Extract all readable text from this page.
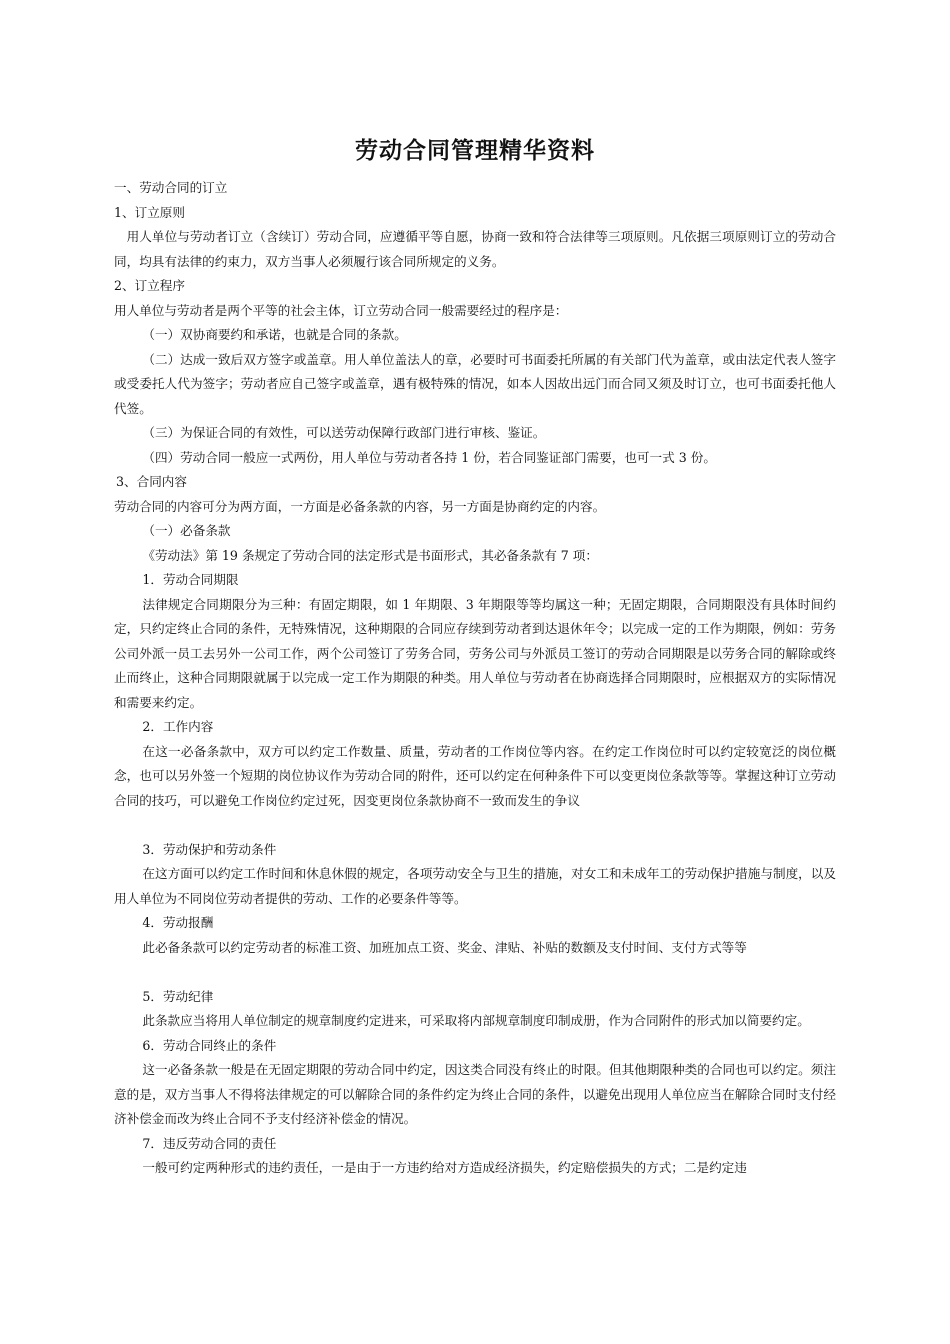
劳动合同管理精华资料

一、劳动合同的订立

1、订立原则

用人单位与劳动者订立（含续订）劳动合同，应遵循平等自愿，协商一致和符合法律等三项原则。凡依据三项原则订立的劳动合同，均具有法律的约束力，双方当事人必须履行该合同所规定的义务。

2、订立程序

用人单位与劳动者是两个平等的社会主体，订立劳动合同一般需要经过的程序是：

（一）双协商要约和承诺，也就是合同的条款。

（二）达成一致后双方签字或盖章。用人单位盖法人的章，必要时可书面委托所属的有关部门代为盖章，或由法定代表人签字或受委托人代为签字；劳动者应自己签字或盖章，遇有极特殊的情况，如本人因故出远门而合同又须及时订立，也可书面委托他人代签。

（三）为保证合同的有效性，可以送劳动保障行政部门进行审核、鉴证。

（四）劳动合同一般应一式两份，用人单位与劳动者各持 1 份，若合同鉴证部门需要，也可一式 3 份。

3、合同内容

劳动合同的内容可分为两方面，一方面是必备条款的内容，另一方面是协商约定的内容。

（一）必备条款

《劳动法》第 19 条规定了劳动合同的法定形式是书面形式，其必备条款有 7 项：

1．劳动合同期限

法律规定合同期限分为三种：有固定期限，如 1 年期限、3 年期限等等均属这一种；无固定期限，合同期限没有具体时间约定，只约定终止合同的条件，无特殊情况，这种期限的合同应存续到劳动者到达退休年令；以完成一定的工作为期限，例如：劳务公司外派一员工去另外一公司工作，两个公司签订了劳务合同，劳务公司与外派员工签订的劳动合同期限是以劳务合同的解除或终止而终止，这种合同期限就属于以完成一定工作为期限的种类。用人单位与劳动者在协商选择合同期限时，应根据双方的实际情况和需要来约定。

2．工作内容

在这一必备条款中，双方可以约定工作数量、质量，劳动者的工作岗位等内容。在约定工作岗位时可以约定较宽泛的岗位概念，也可以另外签一个短期的岗位协议作为劳动合同的附件，还可以约定在何种条件下可以变更岗位条款等等。掌握这种订立劳动合同的技巧，可以避免工作岗位约定过死，因变更岗位条款协商不一致而发生的争议

3．劳动保护和劳动条件

在这方面可以约定工作时间和休息休假的规定，各项劳动安全与卫生的措施，对女工和未成年工的劳动保护措施与制度，以及用人单位为不同岗位劳动者提供的劳动、工作的必要条件等等。

4．劳动报酬

此必备条款可以约定劳动者的标准工资、加班加点工资、奖金、津贴、补贴的数额及支付时间、支付方式等等

5．劳动纪律

此条款应当将用人单位制定的规章制度约定进来，可采取将内部规章制度印制成册，作为合同附件的形式加以简要约定。

6．劳动合同终止的条件

这一必备条款一般是在无固定期限的劳动合同中约定，因这类合同没有终止的时限。但其他期限种类的合同也可以约定。须注意的是，双方当事人不得将法律规定的可以解除合同的条件约定为终止合同的条件，以避免出现用人单位应当在解除合同时支付经济补偿金而改为终止合同不予支付经济补偿金的情况。

7．违反劳动合同的责任

一般可约定两种形式的违约责任，一是由于一方违约给对方造成经济损失，约定赔偿损失的方式；二是约定违
